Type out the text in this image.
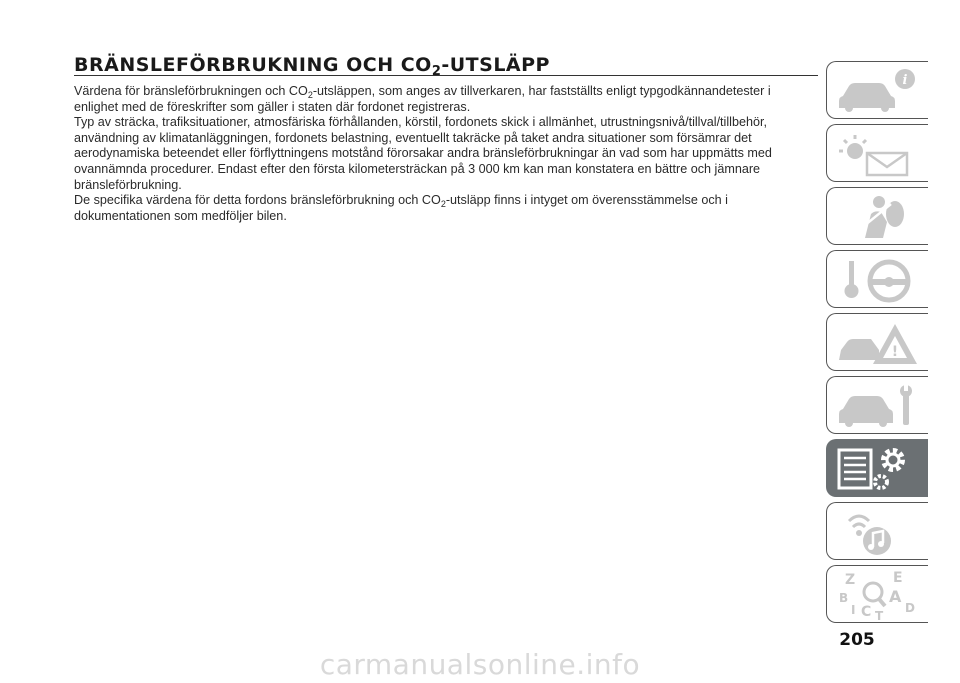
BRÄNSLEFÖRBRUKNING OCH $CO_2$-UTSLÄPP

Värdena för bränsleförbrukningen och $CO_2$-utsläppen, som anges av tillverkaren, har fastställts enligt typgodkännandetester i enlighet med de föreskrifter som gäller i staten där fordonet registreras.

Typ av sträcka, trafiksituationer, atmosfäriska förhållanden, körstil, fordonets skick i allmänhet, utrustningsnivå/tillval/tillbehör, användning av klimatanläggningen, fordonets belastning, eventuellt takräcke på taket andra situationer som försämrar det aerodynamiska beteendet eller förflyttningens motstånd förorsakar andra bränsleförbrukningar än vad som har uppmätts med ovannämnda procedurer. Endast efter den första kilometersträckan på 3 000 km kan man konstatera en bättre och jämnare bränsleförbrukning.

De specifika värdena för detta fordons bränsleförbrukning och $CO_2$-utsläpp finns i intyget om överensstämmelse och i dokumentationen som medföljer bilen.

i
!
Z	E
B	A
I C T
D
205
carmanualsonline.info
